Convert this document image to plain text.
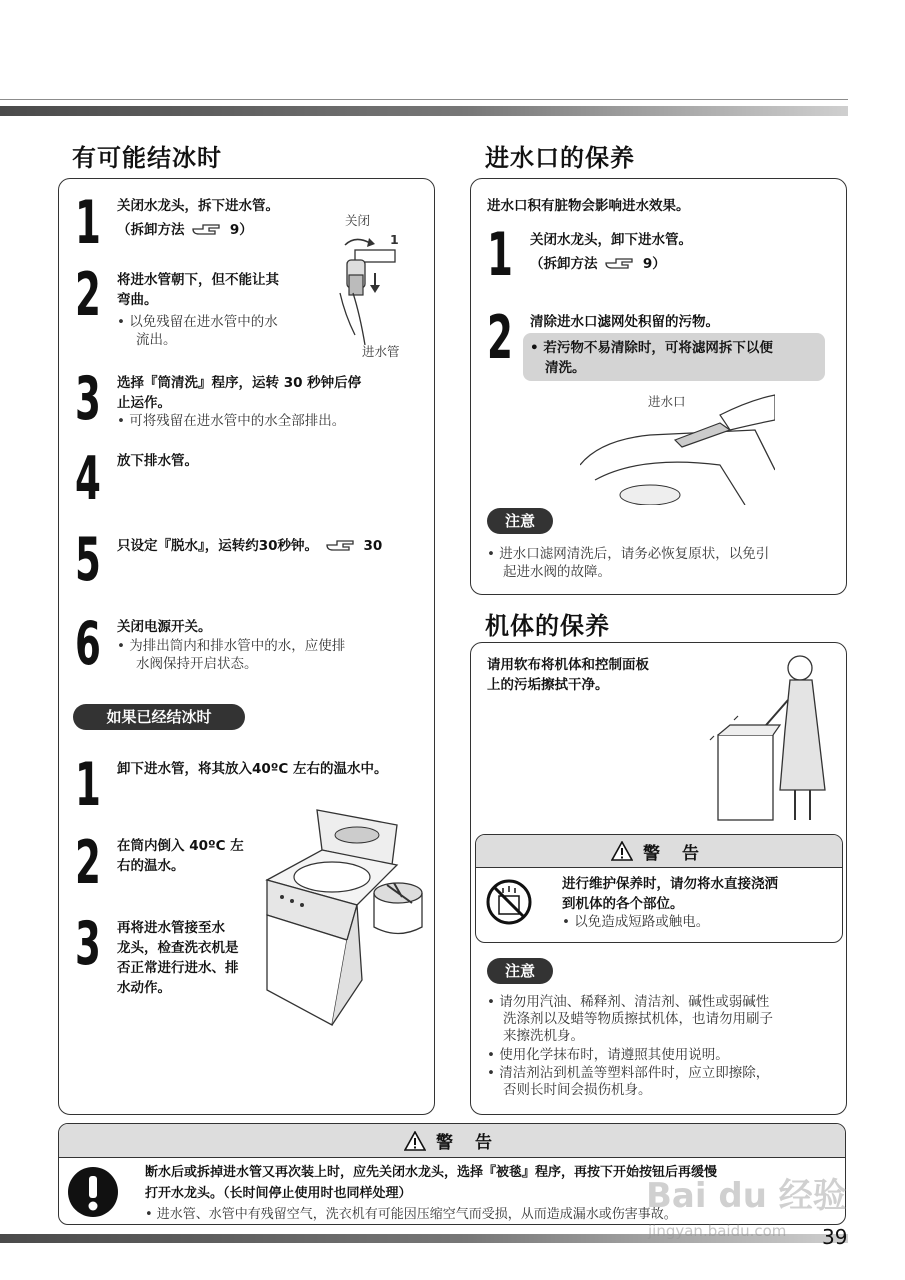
有可能结冰时
1 关闭水龙头，拆下进水管。
（拆卸方法	9）
关闭
1
进水管
2 将进水管朝下，但不能让其
弯曲。
• 以免残留在进水管中的水
流出。
3 选择『筒清洗』程序，运转 30 秒钟后停
止运作。
• 可将残留在进水管中的水全部排出。
4 放下排水管。
5 只设定『脱水』，运转约30秒钟。	30
6 关闭电源开关。
• 为排出筒内和排水管中的水，应使排
水阀保持开启状态。
如果已经结冰时
1 卸下进水管，将其放入40ºC 左右的温水中。
2 在筒内倒入 40ºC 左
右的温水。
3 再将进水管接至水
龙头，检查洗衣机是
否正常进行进水、排
水动作。
进水口的保养
进水口积有脏物会影响进水效果。
1 关闭水龙头，卸下进水管。
（拆卸方法	9）
2 清除进水口滤网处积留的污物。
• 若污物不易清除时，可将滤网拆下以便
清洗。
进水口
注意
• 进水口滤网清洗后，请务必恢复原状，以免引
起进水阀的故障。
机体的保养
请用软布将机体和控制面板
上的污垢擦拭干净。
警 告
进行维护保养时，请勿将水直接浇洒
到机体的各个部位。
• 以免造成短路或触电。
注意
• 请勿用汽油、稀释剂、清洁剂、碱性或弱碱性
洗涤剂以及蜡等物质擦拭机体，也请勿用刷子
来擦洗机身。
• 使用化学抹布时，请遵照其使用说明。
• 清洁剂沾到机盖等塑料部件时，应立即擦除，
否则长时间会损伤机身。
警 告
断水后或拆掉进水管又再次装上时，应先关闭水龙头，选择『被毯』程序，再按下开始按钮后再缓慢
打开水龙头。（长时间停止使用时也同样处理）
• 进水管、水管中有残留空气，洗衣机有可能因压缩空气而受损，从而造成漏水或伤害事故。
Bai du 经验
jingyan.baidu.com 39
